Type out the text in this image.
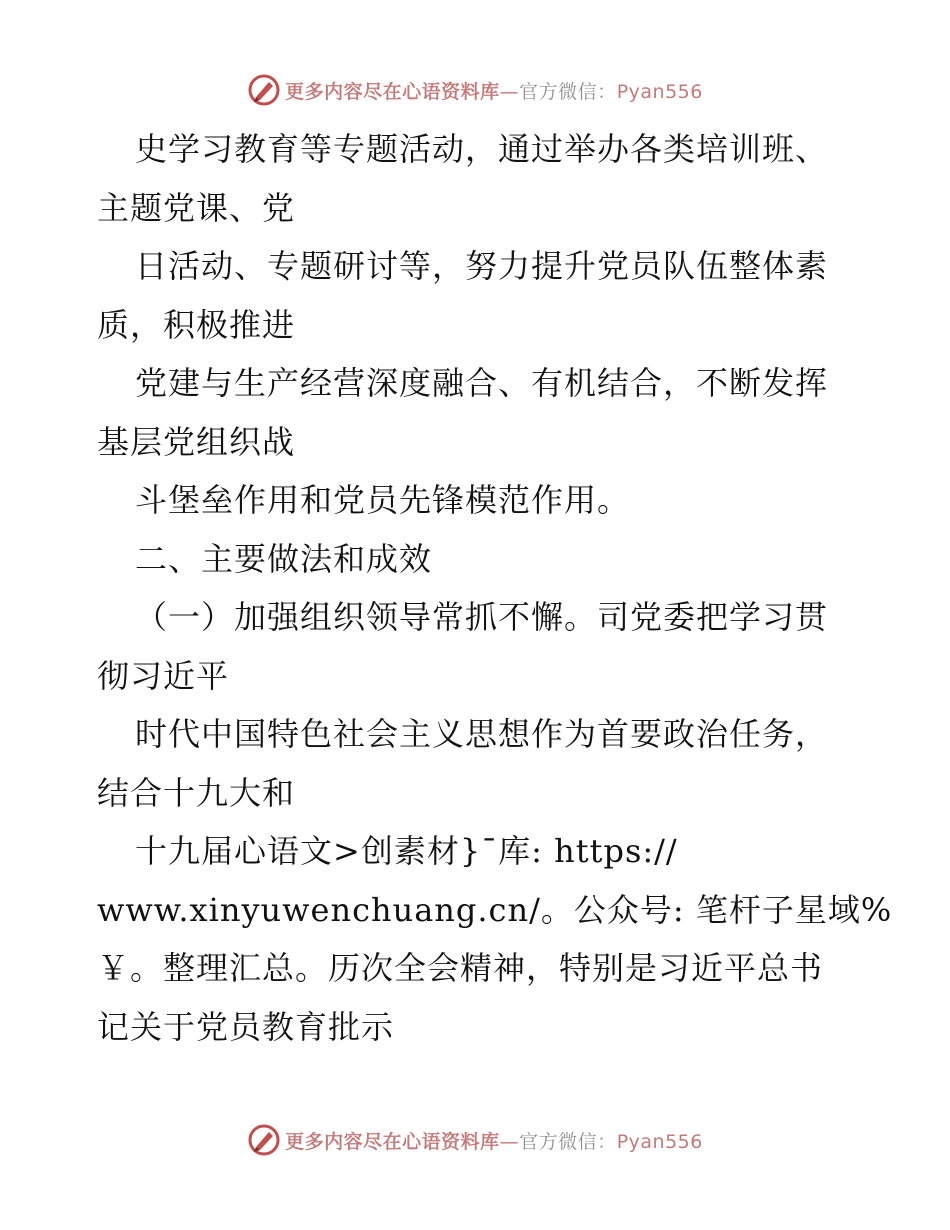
更多内容尽在心语资料库—官方微信：Pyan556
史学习教育等专题活动，通过举办各类培训班、
主题党课、党
日活动、专题研讨等，努力提升党员队伍整体素
质，积极推进
党建与生产经营深度融合、有机结合，不断发挥
基层党组织战
斗堡垒作用和党员先锋模范作用。
二、主要做法和成效
（一）加强组织领导常抓不懈。司党委把学习贯
彻习近平
时代中国特色社会主义思想作为首要政治任务，
结合十九大和
十九届心语文>创素材}¯库: https://
www.xinyuwenchuang.cn/。公众号: 笔杆子星域%
￥。整理汇总。历次全会精神，特别是习近平总书
记关于党员教育批示
更多内容尽在心语资料库—官方微信：Pyan556
